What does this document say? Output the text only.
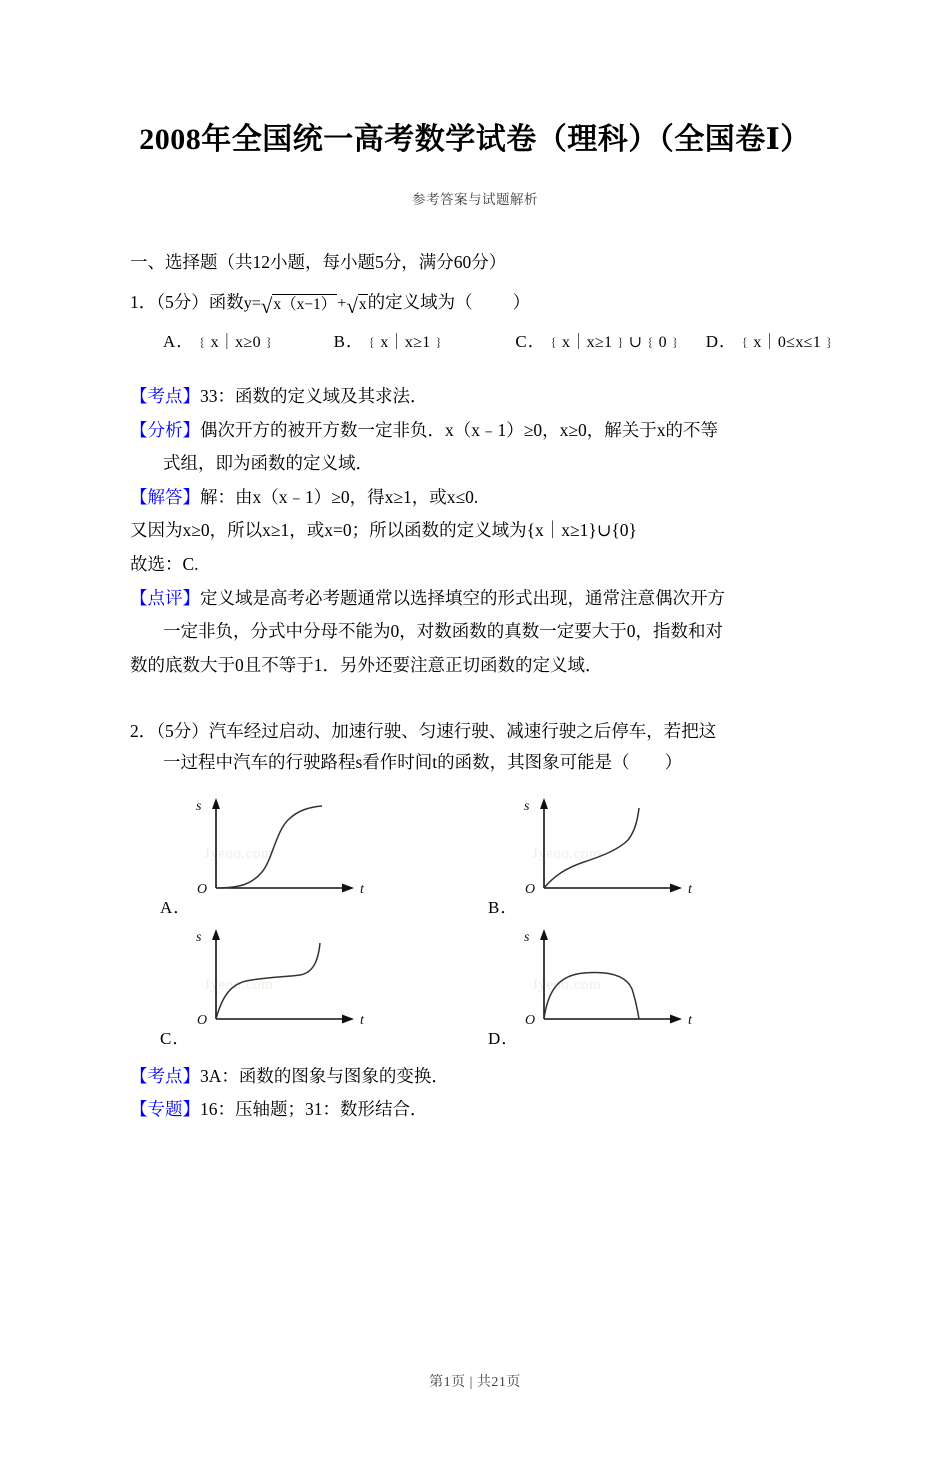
2008年全国统一高考数学试卷（理科）（全国卷Ⅰ）
参考答案与试题解析
一、选择题（共12小题，每小题5分，满分60分）
1．（5分）函数y=√x（x−1）+√x的定义域为（ ）
A．﹛x｜x≥0﹜	B．﹛x｜x≥1﹜	C．﹛x｜x≥1﹜∪﹛0﹜ D．﹛x｜0≤x≤1﹜
【考点】33：函数的定义域及其求法．
【分析】偶次开方的被开方数一定非负．x（x﹣1）≥0，x≥0，解关于x的不等
式组，即为函数的定义域．
【解答】解：由x（x﹣1）≥0，得x≥1，或x≤0.
又因为x≥0，所以x≥1，或x=0；所以函数的定义域为{x｜x≥1}∪{0}
故选：C.
【点评】定义域是高考必考题通常以选择填空的形式出现，通常注意偶次开方
一定非负，分式中分母不能为0，对数函数的真数一定要大于0，指数和对
数的底数大于0且不等于1．另外还要注意正切函数的定义域．
2．（5分）汽车经过启动、加速行驶、匀速行驶、减速行驶之后停车，若把这
一过程中汽车的行驶路程s看作时间t的函数，其图象可能是（　　）
Jyeoo.com
s
t
O
A．
Jyeoo.com
s
t
O
B．
Jyeoo.com
s
t
O
C．
Jyeoo.com
s
t
O
D．
【考点】3A：函数的图象与图象的变换．
【专题】16：压轴题；31：数形结合．
第1页 | 共21页
